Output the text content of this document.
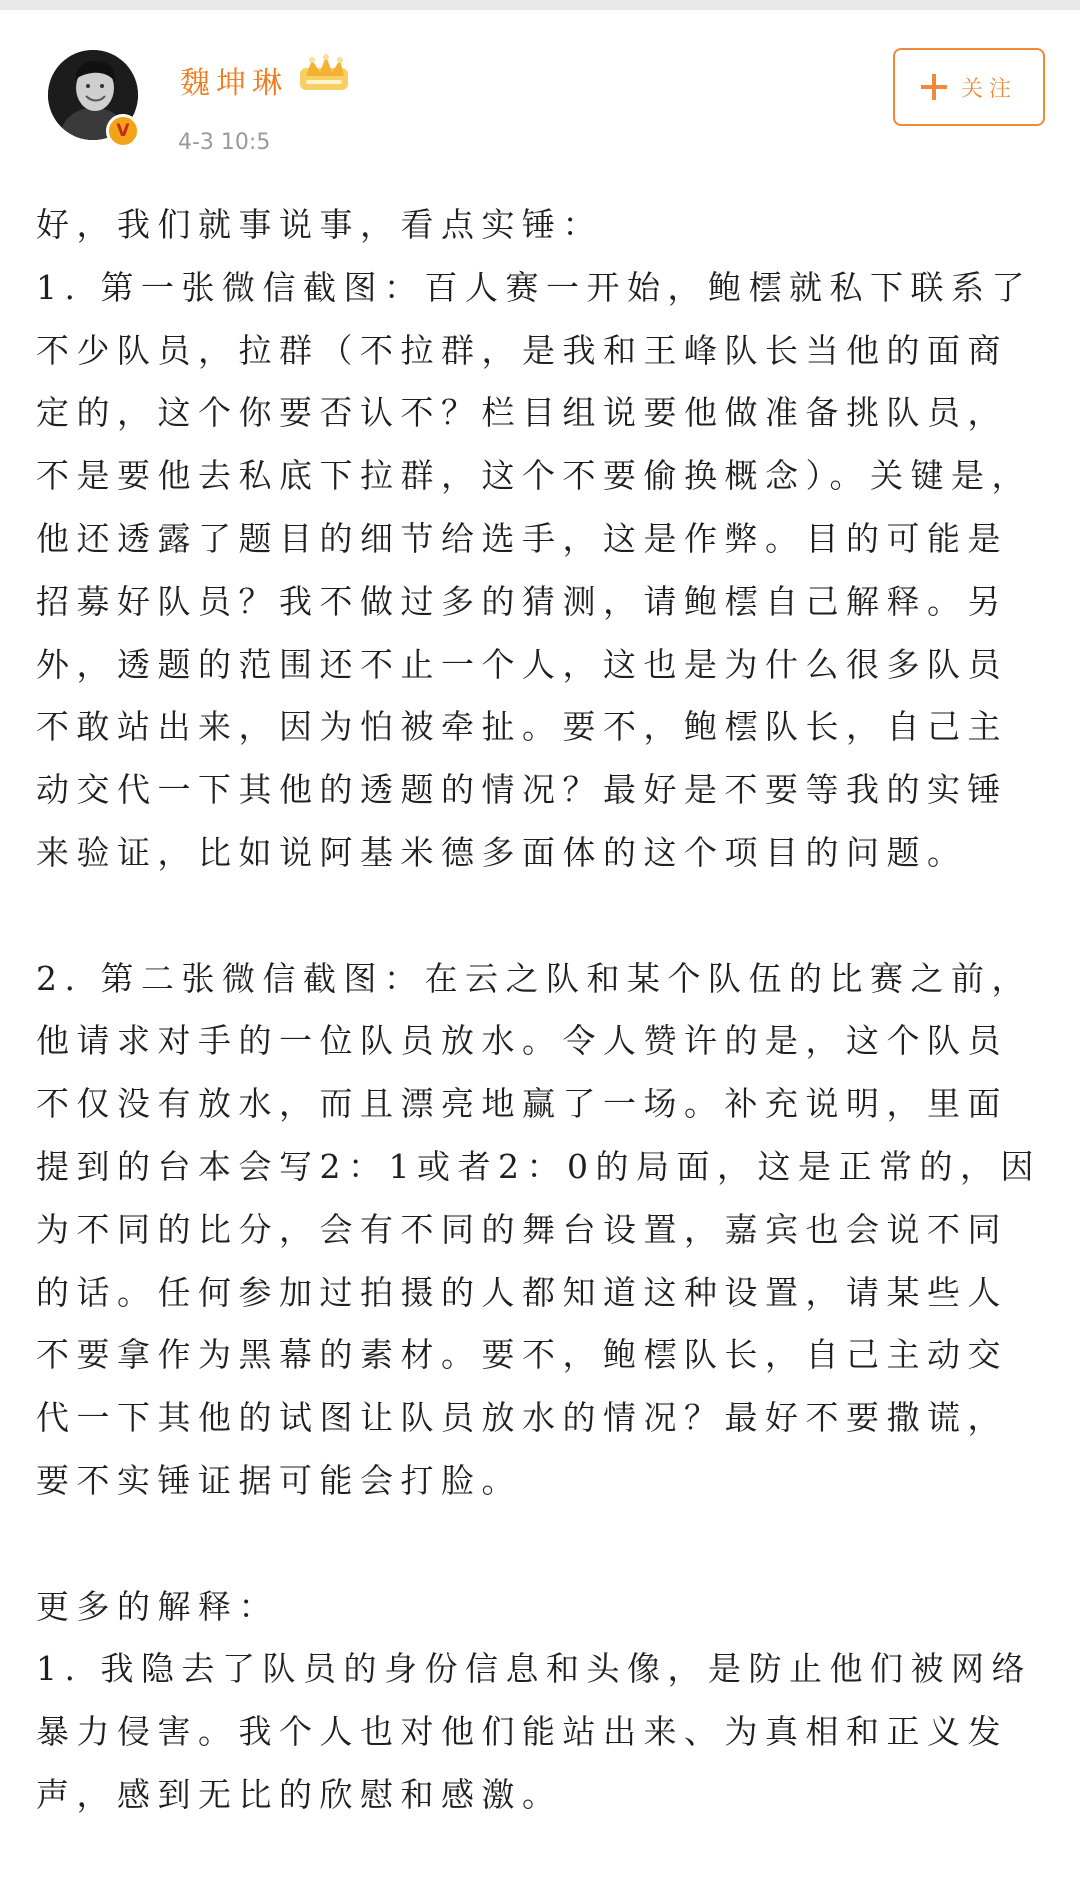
V
魏坤琳
4-3 10:5
关注

好，我们就事说事，看点实锤：

1. 第一张微信截图：百人赛一开始，鲍橒就私下联系了不少队员，拉群（不拉群，是我和王峰队长当他的面商定的，这个你要否认不？栏目组说要他做准备挑队员，不是要他去私底下拉群，这个不要偷换概念）。关键是，他还透露了题目的细节给选手，这是作弊。目的可能是招募好队员？我不做过多的猜测，请鲍橒自己解释。另外，透题的范围还不止一个人，这也是为什么很多队员不敢站出来，因为怕被牵扯。要不，鲍橒队长，自己主动交代一下其他的透题的情况？最好是不要等我的实锤来验证，比如说阿基米德多面体的这个项目的问题。

2. 第二张微信截图：在云之队和某个队伍的比赛之前，他请求对手的一位队员放水。令人赞许的是，这个队员不仅没有放水，而且漂亮地赢了一场。补充说明，里面提到的台本会写2：1或者2：0的局面，这是正常的，因为不同的比分，会有不同的舞台设置，嘉宾也会说不同的话。任何参加过拍摄的人都知道这种设置，请某些人不要拿作为黑幕的素材。要不，鲍橒队长，自己主动交代一下其他的试图让队员放水的情况？最好不要撒谎，要不实锤证据可能会打脸。

更多的解释：

1. 我隐去了队员的身份信息和头像，是防止他们被网络暴力侵害。我个人也对他们能站出来、为真相和正义发声，感到无比的欣慰和感激。
